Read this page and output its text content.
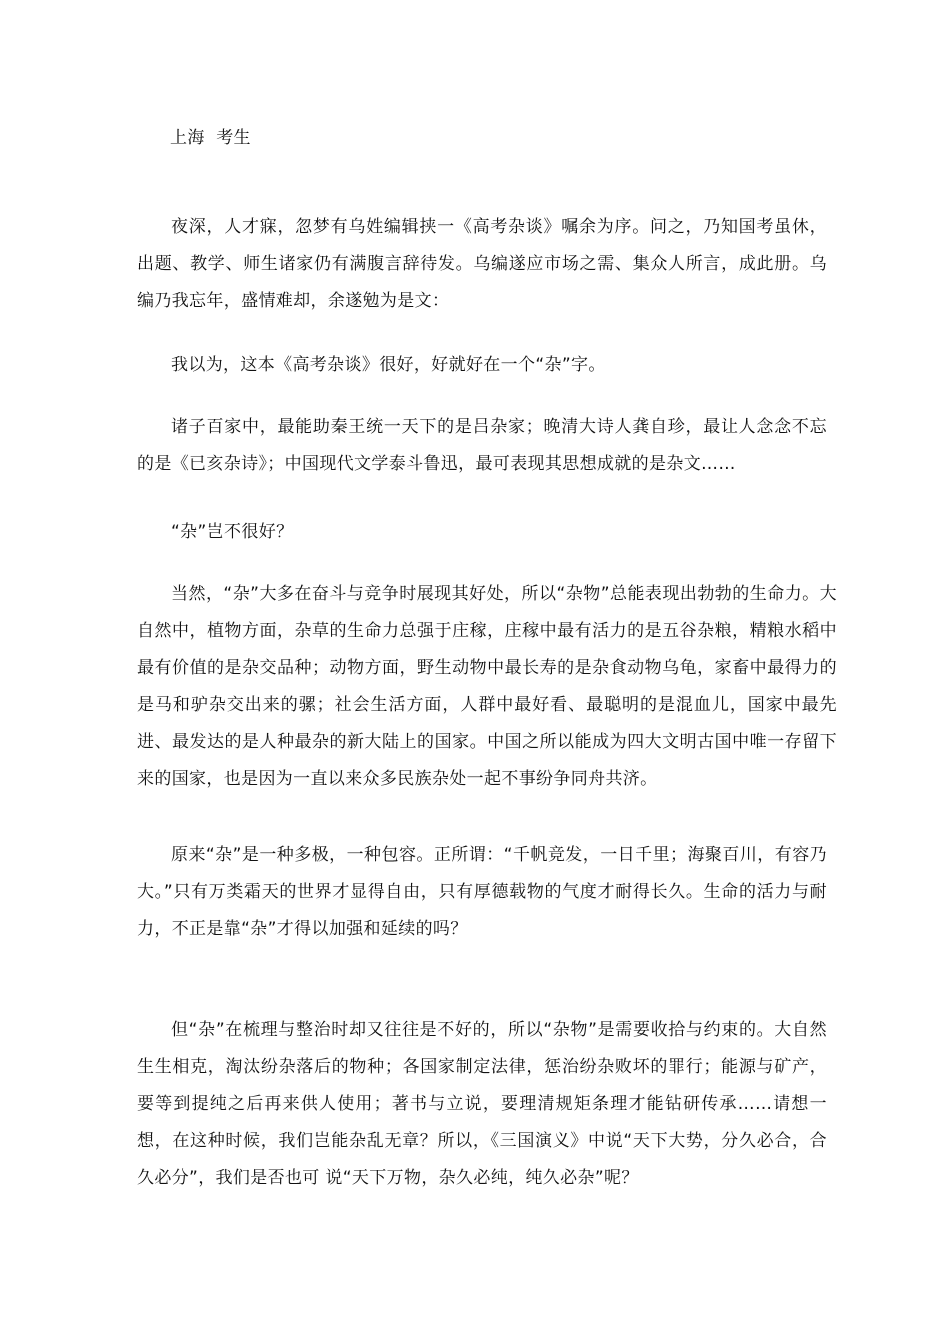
上海  考生

夜深，人才寐，忽梦有乌姓编辑挟一《高考杂谈》嘱余为序。问之，乃知国考虽休，出题、教学、师生诸家仍有满腹言辞待发。乌编遂应市场之需、集众人所言，成此册。乌编乃我忘年，盛情难却，余遂勉为是文：

我以为，这本《高考杂谈》很好，好就好在一个“杂”字。

诸子百家中，最能助秦王统一天下的是吕杂家；晚清大诗人龚自珍，最让人念念不忘的是《已亥杂诗》；中国现代文学泰斗鲁迅，最可表现其思想成就的是杂文……

“杂”岂不很好？

当然，“杂”大多在奋斗与竞争时展现其好处，所以“杂物”总能表现出勃勃的生命力。大自然中，植物方面，杂草的生命力总强于庄稼，庄稼中最有活力的是五谷杂粮，精粮水稻中最有价值的是杂交品种；动物方面，野生动物中最长寿的是杂食动物乌龟，家畜中最得力的是马和驴杂交出来的骡；社会生活方面，人群中最好看、最聪明的是混血儿，国家中最先进、最发达的是人种最杂的新大陆上的国家。中国之所以能成为四大文明古国中唯一存留下来的国家，也是因为一直以来众多民族杂处一起不事纷争同舟共济。

原来“杂”是一种多极，一种包容。正所谓：“千帆竞发，一日千里；海聚百川，有容乃大。”只有万类霜天的世界才显得自由，只有厚德载物的气度才耐得长久。生命的活力与耐力，不正是靠“杂”才得以加强和延续的吗？

但“杂”在梳理与整治时却又往往是不好的，所以“杂物”是需要收拾与约束的。大自然生生相克，淘汰纷杂落后的物种；各国家制定法律，惩治纷杂败坏的罪行；能源与矿产，要等到提纯之后再来供人使用；著书与立说，要理清规矩条理才能钻研传承……请想一想，在这种时候，我们岂能杂乱无章？所以，《三国演义》中说“天下大势，分久必合，合久必分”，我们是否也可 说“天下万物，杂久必纯，纯久必杂”呢？
